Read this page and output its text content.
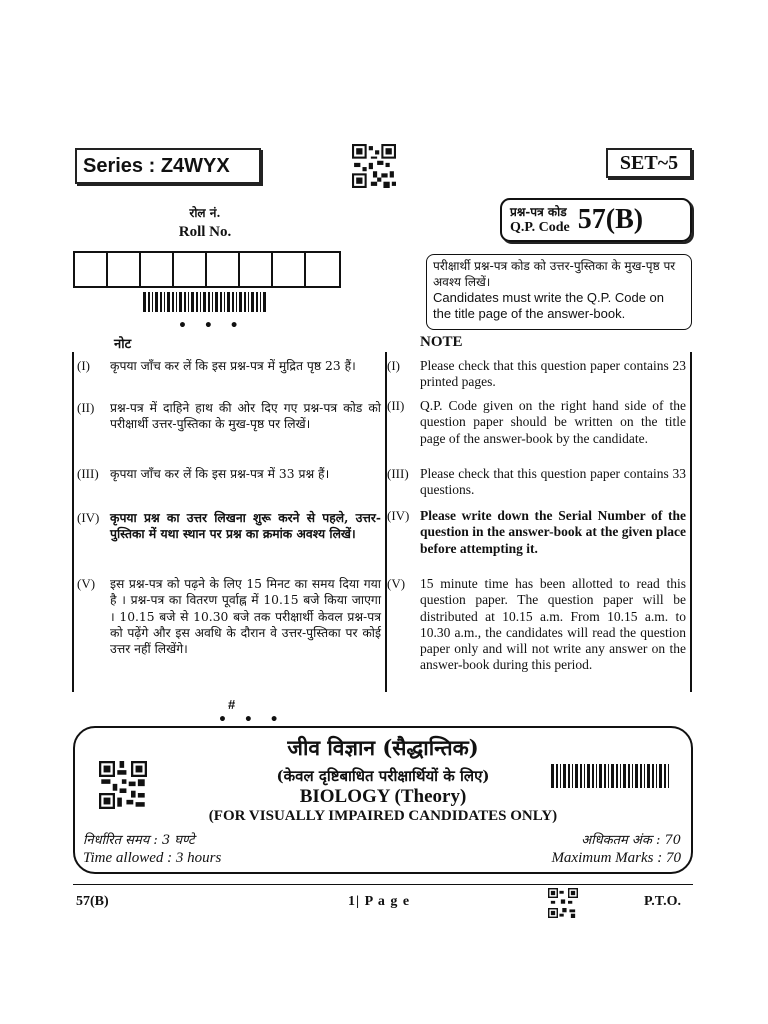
Series : Z4WYX	SET~5
रोल नं.
Roll No.
• • •
प्रश्न-पत्र कोड
Q.P. Code 57(B)
परीक्षार्थी प्रश्न-पत्र कोड को उत्तर-पुस्तिका के मुख-पृष्ठ पर अवश्य लिखें।
Candidates must write the Q.P. Code on the title page of the answer-book.
नोट	NOTE
(I)	कृपया जाँच कर लें कि इस प्रश्न-पत्र में मुद्रित पृष्ठ 23 हैं।
(II)	प्रश्न-पत्र में दाहिने हाथ की ओर दिए गए प्रश्न-पत्र कोड को परीक्षार्थी उत्तर-पुस्तिका के मुख-पृष्ठ पर लिखें।
(III) कृपया जाँच कर लें कि इस प्रश्न-पत्र में 33 प्रश्न हैं।
(IV) कृपया प्रश्न का उत्तर लिखना शुरू करने से पहले, उत्तर-पुस्तिका में यथा स्थान पर प्रश्न का क्रमांक अवश्य लिखें।
(V)	इस प्रश्न-पत्र को पढ़ने के लिए 15 मिनट का समय दिया गया है । प्रश्न-पत्र का वितरण पूर्वाह्न में 10.15 बजे किया जाएगा । 10.15 बजे से 10.30 बजे तक परीक्षार्थी केवल प्रश्न-पत्र को पढ़ेंगे और इस अवधि के दौरान वे उत्तर-पुस्तिका पर कोई उत्तर नहीं लिखेंगे।
(I)	Please check that this question paper contains 23 printed pages.
(II)	Q.P. Code given on the right hand side of the question paper should be written on the title page of the answer-book by the candidate.
(III) Please check that this question paper contains 33 questions.
(IV) Please write down the Serial Number of the question in the answer-book at the given place before attempting it.
(V)	15 minute time has been allotted to read this question paper. The question paper will be distributed at 10.15 a.m. From 10.15 a.m. to 10.30 a.m., the candidates will read the question paper only and will not write any answer on the answer-book during this period.
#
• • •
जीव विज्ञान (सैद्धान्तिक)
(केवल दृष्टिबाधित परीक्षार्थियों के लिए)
BIOLOGY (Theory)
(FOR VISUALLY IMPAIRED CANDIDATES ONLY)
निर्धारित समय : 3 घण्टे
Time allowed : 3 hours
अधिकतम अंक : 70
Maximum Marks : 70
57(B)	1| P a g e	P.T.O.
